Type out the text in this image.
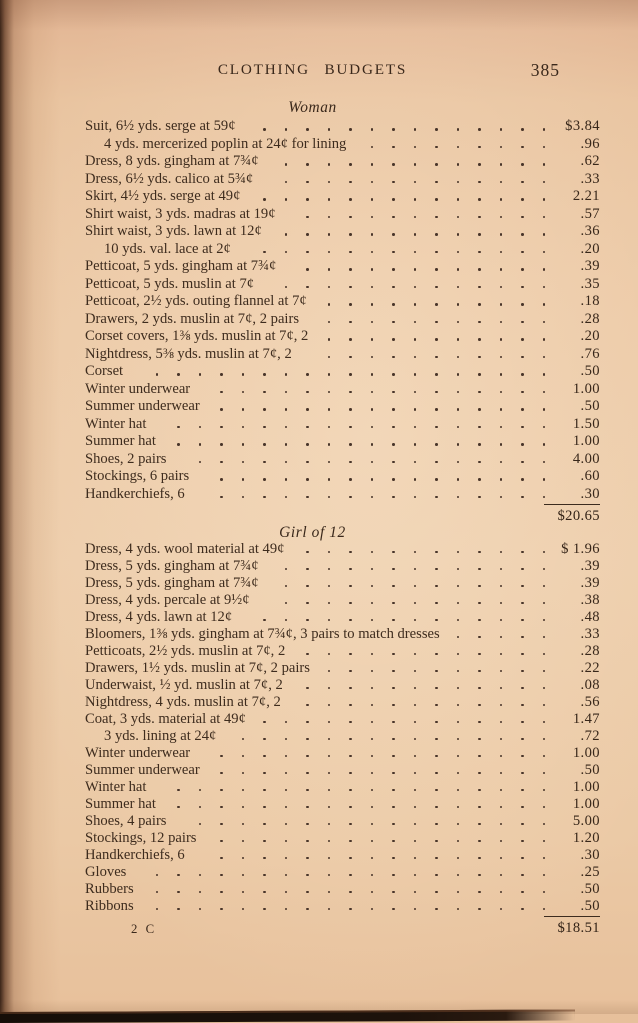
CLOTHING BUDGETS	385
Woman
Suit, 6½ yds. serge at 59¢	$3.84
4 yds. mercerized poplin at 24¢ for lining	.96
Dress, 8 yds. gingham at 7¾¢	.62
Dress, 6½ yds. calico at 5¾¢	.33
Skirt, 4½ yds. serge at 49¢	2.21
Shirt waist, 3 yds. madras at 19¢	.57
Shirt waist, 3 yds. lawn at 12¢	.36
10 yds. val. lace at 2¢	.20
Petticoat, 5 yds. gingham at 7¾¢	.39
Petticoat, 5 yds. muslin at 7¢	.35
Petticoat, 2½ yds. outing flannel at 7¢	.18
Drawers, 2 yds. muslin at 7¢, 2 pairs	.28
Corset covers, 1⅜ yds. muslin at 7¢, 2	.20
Nightdress, 5⅜ yds. muslin at 7¢, 2	.76
Corset	.50
Winter underwear	1.00
Summer underwear	.50
Winter hat	1.50
Summer hat	1.00
Shoes, 2 pairs	4.00
Stockings, 6 pairs	.60
Handkerchiefs, 6	.30
$20.65
Girl of 12
Dress, 4 yds. wool material at 49¢	$ 1.96
Dress, 5 yds. gingham at 7¾¢	.39
Dress, 5 yds. gingham at 7¾¢	.39
Dress, 4 yds. percale at 9½¢	.38
Dress, 4 yds. lawn at 12¢	.48
Bloomers, 1⅜ yds. gingham at 7¾¢, 3 pairs to match dresses	.33
Petticoats, 2½ yds. muslin at 7¢, 2	.28
Drawers, 1½ yds. muslin at 7¢, 2 pairs	.22
Underwaist, ½ yd. muslin at 7¢, 2	.08
Nightdress, 4 yds. muslin at 7¢, 2	.56
Coat, 3 yds. material at 49¢	1.47
3 yds. lining at 24¢	.72
Winter underwear	1.00
Summer underwear	.50
Winter hat	1.00
Summer hat	1.00
Shoes, 4 pairs	5.00
Stockings, 12 pairs	1.20
Handkerchiefs, 6	.30
Gloves	.25
Rubbers	.50
Ribbons	.50
2 C	$18.51
